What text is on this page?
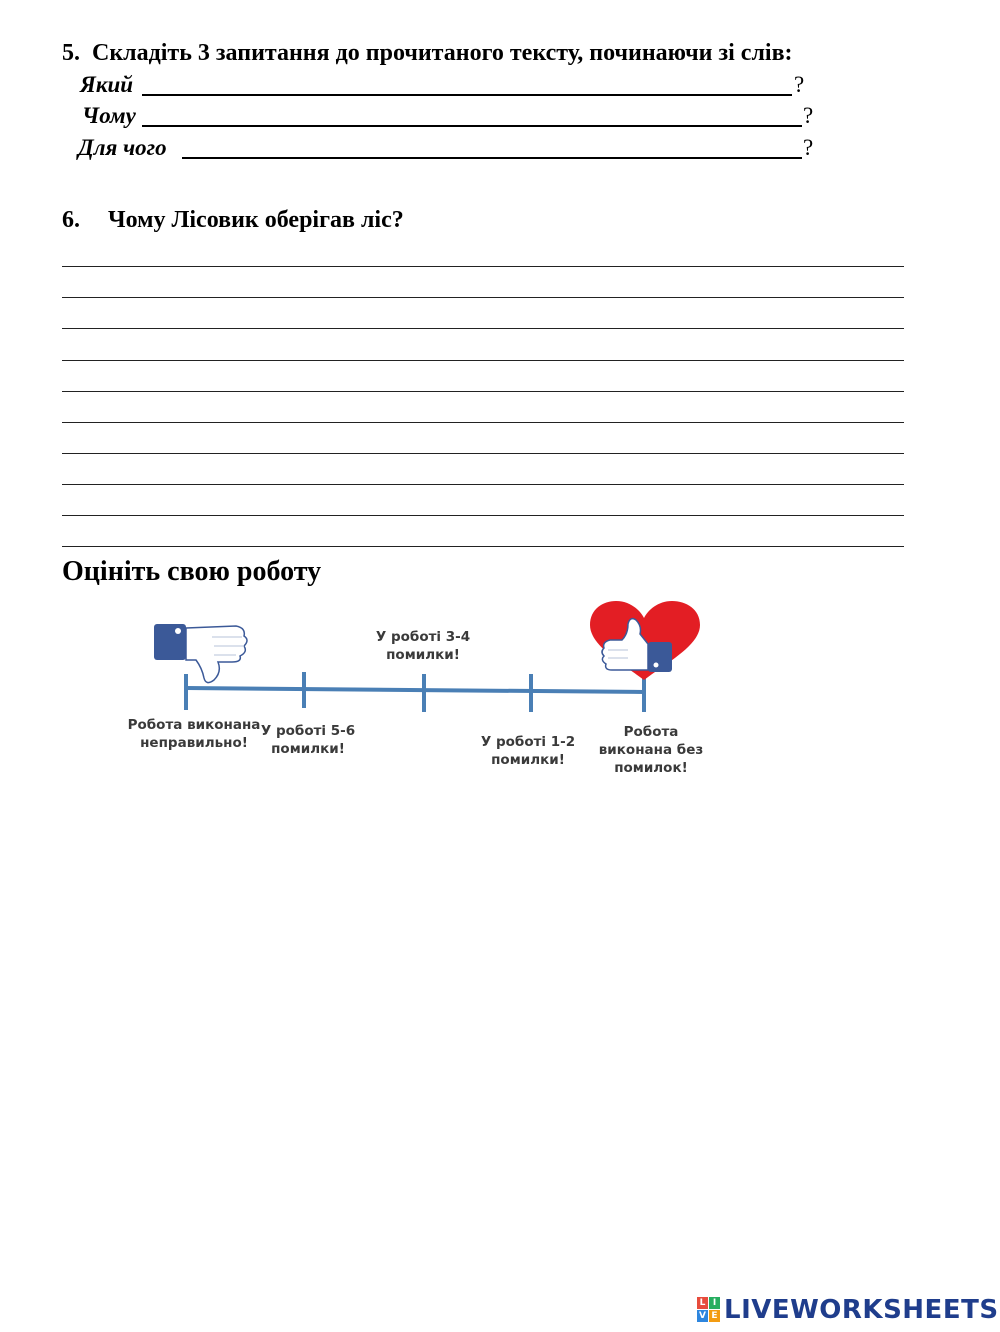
5. Складіть 3 запитання до прочитаного тексту, починаючи зі слів:
Який	?
Чому	?
Для чого	?
6. Чому Лісовик оберігав ліс?
Оцініть свою роботу
Робота виконана неправильно!
У роботі 5-6 помилки!
У роботі 3-4 помилки!
У роботі 1-2 помилки!
Робота виконана без помилок!
L I
V E LIVEWORKSHEETS
